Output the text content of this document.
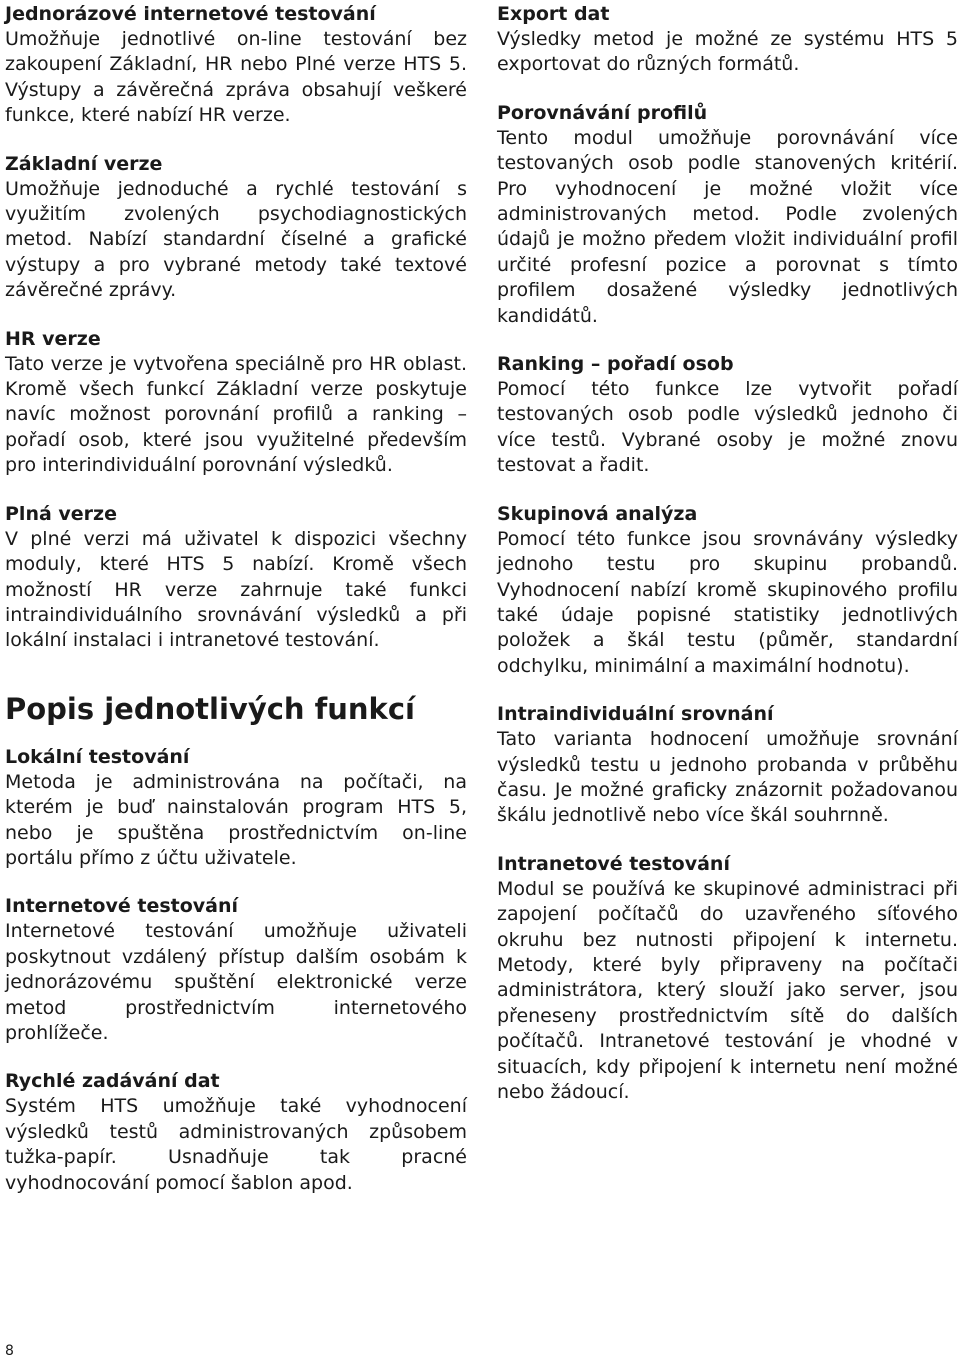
Jednorázové internetové testování

Umožňuje jednotlivé on-line testování bez zakoupení Základní, HR nebo Plné verze HTS 5. Výstupy a závěrečná zpráva obsahují veškeré funkce, které nabízí HR verze.

Základní verze

Umožňuje jednoduché a rychlé testování s využitím zvolených psychodiagnostických metod. Nabízí standardní číselné a grafické výstupy a pro vybrané metody také textové závěrečné zprávy.

HR verze

Tato verze je vytvořena speciálně pro HR oblast. Kromě všech funkcí Základní verze poskytuje navíc možnost porovnání profilů a ranking – pořadí osob, které jsou využitelné především pro interindividuální porovnání výsledků.

Plná verze

V plné verzi má uživatel k dispozici všechny moduly, které HTS 5 nabízí. Kromě všech možností HR verze zahrnuje také funkci intraindividuálního srovnávání výsledků a při lokální instalaci i intranetové testování.

Popis jednotlivých funkcí
Lokální testování

Metoda je administrována na počítači, na kterém je buď nainstalován program HTS 5, nebo je spuštěna prostřednictvím on-line portálu přímo z účtu uživatele.

Internetové testování

Internetové testování umožňuje uživateli poskytnout vzdálený přístup dalším osobám k jednorázovému spuštění elektronické verze metod prostřednictvím internetového prohlížeče.

Rychlé zadávání dat

Systém HTS umožňuje také vyhodnocení výsledků testů administrovaných způsobem tužka-papír. Usnadňuje tak pracné vyhodnocování pomocí šablon apod.

Export dat

Výsledky metod je možné ze systému HTS 5 exportovat do různých formátů.

Porovnávání profilů

Tento modul umožňuje porovnávání více testovaných osob podle stanovených kritérií. Pro vyhodnocení je možné vložit více administrovaných metod. Podle zvolených údajů je možno předem vložit individuální profil určité profesní pozice a porovnat s tímto profilem dosažené výsledky jednotlivých kandidátů.

Ranking – pořadí osob

Pomocí této funkce lze vytvořit pořadí testovaných osob podle výsledků jednoho či více testů. Vybrané osoby je možné znovu testovat a řadit.

Skupinová analýza

Pomocí této funkce jsou srovnávány výsledky jednoho testu pro skupinu probandů. Vyhodnocení nabízí kromě skupinového profilu také údaje popisné statistiky jednotlivých položek a škál testu (půměr, standardní odchylku, minimální a maximální hodnotu).

Intraindividuální srovnání

Tato varianta hodnocení umožňuje srovnání výsledků testu u jednoho probanda v průběhu času. Je možné graficky znázornit požadovanou škálu jednotlivě nebo více škál souhrnně.

Intranetové testování

Modul se používá ke skupinové administraci při zapojení počítačů do uzavřeného síťového okruhu bez nutnosti připojení k internetu. Metody, které byly připraveny na počítači administrátora, který slouží jako server, jsou přeneseny prostřednictvím sítě do dalších počítačů. Intranetové testování je vhodné v situacích, kdy připojení k internetu není možné nebo žádoucí.

8
